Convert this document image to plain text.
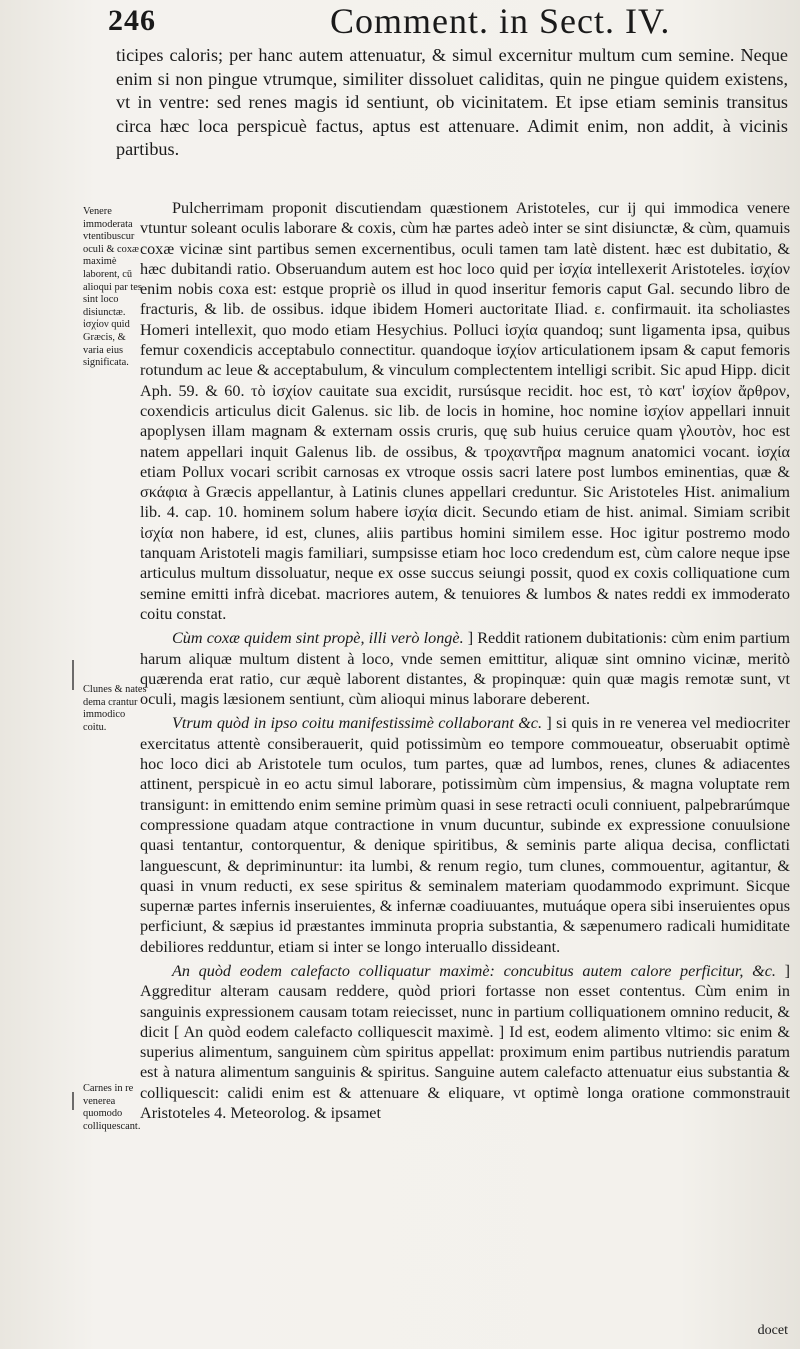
246	Comment. in Sect. IV.
ticipes caloris; per hanc autem attenuatur, & simul excernitur multum cum semine. Neque enim si non pingue vtrumque, similiter dissoluet caliditas, quin ne pingue quidem existens, vt in ventre: sed renes magis id sentiunt, ob vicinitatem. Et ipse etiam seminis transitus circa hæc loca perspicuè factus, aptus est attenuare. Adimit enim, non addit, à vicinis partibus.
Venere immoderata vtentibuscur oculi & coxæ maximè laborent, cū alioqui par tes sint loco disiunctæ. ἰσχίον quid Græcis, & varia eius significata.
Clunes & nates dema crantur immodico coitu.
Carnes in re venerea quomodo colliquescant.

Pulcherrimam proponit discutiendam quæstionem Aristoteles, cur ij qui immodica venere vtuntur soleant oculis laborare & coxis, cùm hæ partes adeò inter se sint disiunctæ, & cùm, quamuis coxæ vicinæ sint partibus semen excernentibus, oculi tamen tam latè distent. hæc est dubitatio, & hæc dubitandi ratio. Obseruandum autem est hoc loco quid per ἰσχία intellexerit Aristoteles. ἰσχίον enim nobis coxa est: estque propriè os illud in quod inseritur femoris caput Gal. secundo libro de fracturis, & lib. de ossibus. idque ibidem Homeri auctoritate Iliad. ε. confirmauit. ita scholiastes Homeri intellexit, quo modo etiam Hesychius. Polluci ἰσχία quandoq; sunt ligamenta ipsa, quibus femur coxendicis acceptabulo connectitur. quandoque ἰσχίον articulationem ipsam & caput femoris rotundum ac leue & acceptabulum, & vinculum complectentem intelligi scribit. Sic apud Hipp. dicit Aph. 59. & 60. τὸ ἰσχίον cauitate sua excidit, rursúsque recidit. hoc est, τὸ κατ' ἰσχίον ἄρθρον, coxendicis articulus dicit Galenus. sic lib. de locis in homine, hoc nomine ἰσχίον appellari innuit apoplysen illam magnam & externam ossis cruris, quę sub huius ceruice quam γλουτὸν, hoc est natem appellari inquit Galenus lib. de ossibus, & τροχαντῆρα magnum anatomici vocant. ἰσχία etiam Pollux vocari scribit carnosas ex vtroque ossis sacri latere post lumbos eminentias, quæ & σκάφια à Græcis appellantur, à Latinis clunes appellari creduntur. Sic Aristoteles Hist. animalium lib. 4. cap. 10. hominem solum habere ἰσχία dicit. Secundo etiam de hist. animal. Simiam scribit ἰσχία non habere, id est, clunes, aliis partibus homini similem esse. Hoc igitur postremo modo tanquam Aristoteli magis familiari, sumpsisse etiam hoc loco credendum est, cùm calore neque ipse articulus multum dissoluatur, neque ex osse succus seiungi possit, quod ex coxis colliquatione cum semine emitti infrà dicebat. macriores autem, & tenuiores & lumbos & nates reddi ex immoderato coitu constat.

Cùm coxæ quidem sint propè, illi verò longè. ] Reddit rationem dubitationis: cùm enim partium harum aliquæ multum distent à loco, vnde semen emittitur, aliquæ sint omnino vicinæ, meritò quærenda erat ratio, cur æquè laborent distantes, & propinquæ: quin quæ magis remotæ sunt, vt oculi, magis læsionem sentiunt, cùm alioqui minus laborare deberent.

Vtrum quòd in ipso coitu manifestissimè collaborant &c. ] si quis in re venerea vel mediocriter exercitatus attentè consiberauerit, quid potissimùm eo tempore commoueatur, obseruabit optimè hoc loco dici ab Aristotele tum oculos, tum partes, quæ ad lumbos, renes, clunes & adiacentes attinent, perspicuè in eo actu simul laborare, potissimùm cùm impensius, & magna voluptate rem transigunt: in emittendo enim semine primùm quasi in sese retracti oculi conniuent, palpebrarúmque compressione quadam atque contractione in vnum ducuntur, subinde ex expressione conuulsione quasi tentantur, contorquentur, & denique spiritibus, & seminis parte aliqua decisa, conflictati languescunt, & depriminuntur: ita lumbi, & renum regio, tum clunes, commouentur, agitantur, & quasi in vnum reducti, ex sese spiritus & seminalem materiam quodammodo exprimunt. Sicque supernæ partes infernis inseruientes, & infernæ coadiuuantes, mutuáque opera sibi inseruientes opus perficiunt, & sæpius id præstantes imminuta propria substantia, & sæpenumero radicali humiditate debiliores redduntur, etiam si inter se longo interuallo dissideant.

An quòd eodem calefacto colliquatur maximè: concubitus autem calore perficitur, &c. ] Aggreditur alteram causam reddere, quòd priori fortasse non esset contentus. Cùm enim in sanguinis expressionem causam totam reiecisset, nunc in partium colliquationem omnino reducit, & dicit [ An quòd eodem calefacto colliquescit maximè. ] Id est, eodem alimento vltimo: sic enim & superius alimentum, sanguinem cùm spiritus appellat: proximum enim partibus nutriendis paratum est à natura alimentum sanguinis & spiritus. Sanguine autem calefacto attenuatur eius substantia & colliquescit: calidi enim est & attenuare & eliquare, vt optimè longa oratione commonstrauit Aristoteles 4. Meteorolog. & ipsamet

docet
